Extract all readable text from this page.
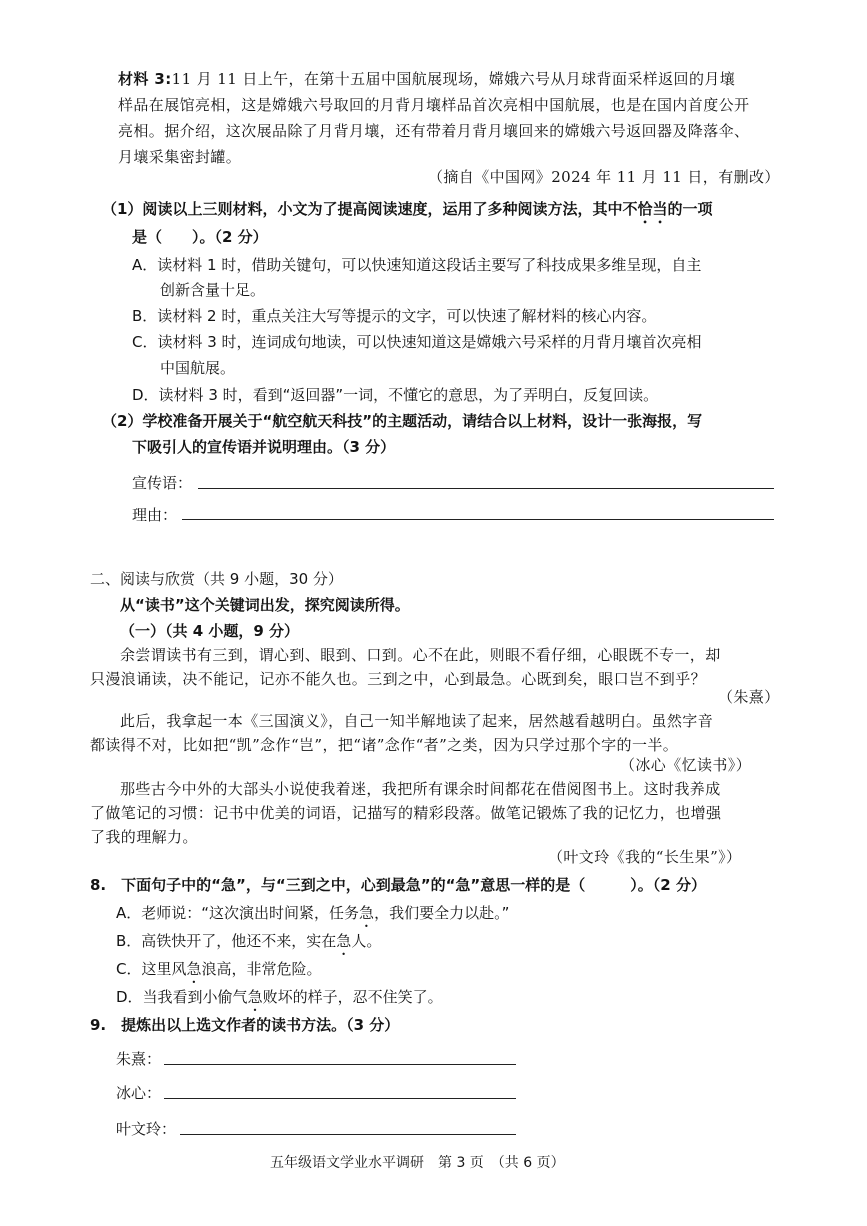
材料 3:11 月 11 日上午，在第十五届中国航展现场，嫦娥六号从月球背面采样返回的月壤
样品在展馆亮相，这是嫦娥六号取回的月背月壤样品首次亮相中国航展，也是在国内首度公开
亮相。据介绍，这次展品除了月背月壤，还有带着月背月壤回来的嫦娥六号返回器及降落伞、
月壤采集密封罐。
（摘自《中国网》2024 年 11 月 11 日，有删改）
（1）阅读以上三则材料，小文为了提高阅读速度，运用了多种阅读方法，其中不恰当的一项
是（　　）。（2 分）
A．读材料 1 时，借助关键句，可以快速知道这段话主要写了科技成果多维呈现，自主
创新含量十足。
B．读材料 2 时，重点关注大写等提示的文字，可以快速了解材料的核心内容。
C．读材料 3 时，连词成句地读，可以快速知道这是嫦娥六号采样的月背月壤首次亮相
中国航展。
D．读材料 3 时，看到“返回器”一词，不懂它的意思，为了弄明白，反复回读。
（2）学校准备开展关于“航空航天科技”的主题活动，请结合以上材料，设计一张海报，写
下吸引人的宣传语并说明理由。（3 分）
宣传语：
理由：
二、阅读与欣赏（共 9 小题，30 分）
从“读书”这个关键词出发，探究阅读所得。
（一）（共 4 小题，9 分）
余尝谓读书有三到，谓心到、眼到、口到。心不在此，则眼不看仔细，心眼既不专一，却
只漫浪诵读，决不能记，记亦不能久也。三到之中，心到最急。心既到矣，眼口岂不到乎？
（朱熹）
此后，我拿起一本《三国演义》，自己一知半解地读了起来，居然越看越明白。虽然字音
都读得不对，比如把“凯”念作“岂”，把“诸”念作“者”之类，因为只学过那个字的一半。
（冰心《忆读书》）
那些古今中外的大部头小说使我着迷，我把所有课余时间都花在借阅图书上。这时我养成
了做笔记的习惯：记书中优美的词语，记描写的精彩段落。做笔记锻炼了我的记忆力，也增强
了我的理解力。
（叶文玲《我的“长生果”》）
8.　下面句子中的“急”，与“三到之中，心到最急”的“急”意思一样的是（　　　）。（2 分）
A．老师说：“这次演出时间紧，任务急，我们要全力以赴。”
B．高铁快开了，他还不来，实在急人。
C．这里风急浪高，非常危险。
D．当我看到小偷气急败坏的样子，忍不住笑了。
9.　提炼出以上选文作者的读书方法。（3 分）
朱熹：
冰心：
叶文玲：
五年级语文学业水平调研　第 3 页　（共 6 页）
